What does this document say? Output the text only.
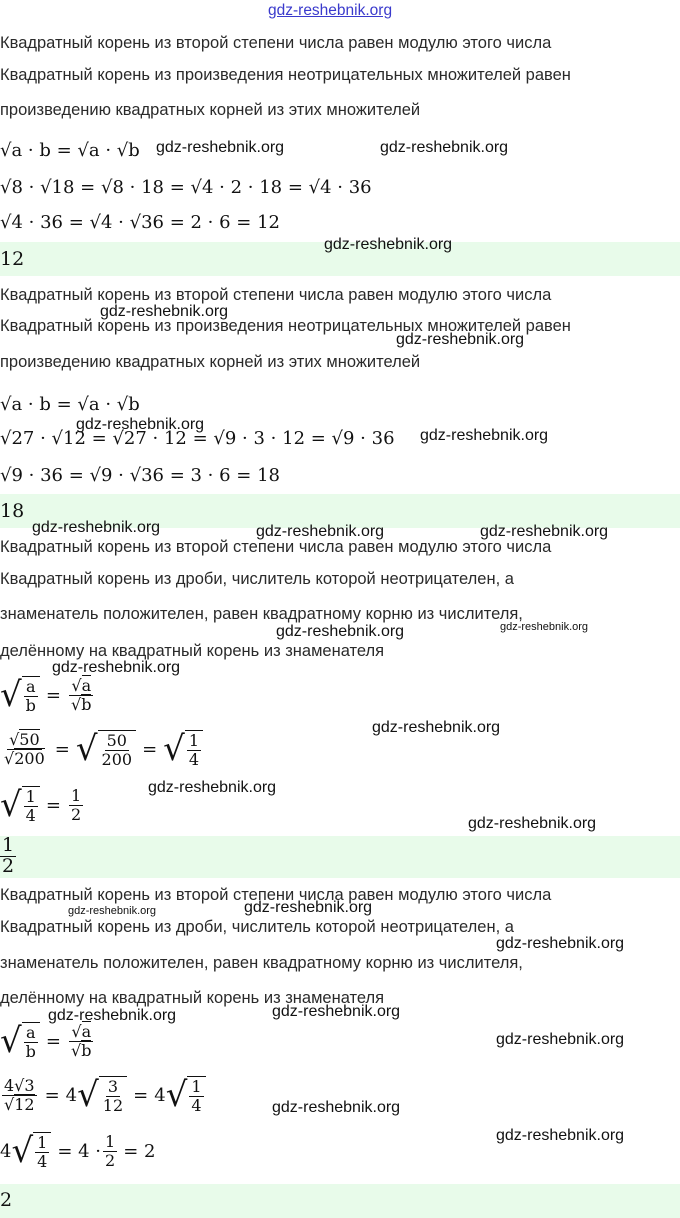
gdz-reshebnik.org
Квадратный корень из второй степени числа равен модулю этого числа
Квадратный корень из произведения неотрицательных множителей равен
произведению квадратных корней из этих множителей
√a · b = √a · √b
√8 · √18 = √8 · 18 = √4 · 2 · 18 = √4 · 36
√4 · 36 = √4 · √36 = 2 · 6 = 12
12
Квадратный корень из второй степени числа равен модулю этого числа
Квадратный корень из произведения неотрицательных множителей равен
произведению квадратных корней из этих множителей
√a · b = √a · √b
√27 · √12 = √27 · 12 = √9 · 3 · 12 = √9 · 36
√9 · 36 = √9 · √36 = 3 · 6 = 18
18
Квадратный корень из второй степени числа равен модулю этого числа
Квадратный корень из дроби, числитель которой неотрицателен, а
знаменатель положителен, равен квадратному корню из числителя,
делённому на квадратный корень из знаменателя
√ $\frac{a}{b} = \frac{√a}{√b}$
$\frac{√50}{√200}$ = √ $\frac{50}{200}$ = √ $\frac{1}{4}$
√ $\frac{1}{4} = \frac{1}{2}$
1
2
Квадратный корень из второй степени числа равен модулю этого числа
Квадратный корень из дроби, числитель которой неотрицателен, а
знаменатель положителен, равен квадратному корню из числителя,
делённому на квадратный корень из знаменателя
√ $\frac{a}{b} = \frac{√a}{√b}$
$\frac{4√3}{√12} = 4$ √ $\frac{3}{12} = 4$ √ $\frac{1}{4}$
4 √ $\frac{1}{4} = 4 \cdot \frac{1}{2} = 2$
2
gdz-reshebnik.org	gdz-reshebnik.org
gdz-reshebnik.org
gdz-reshebnik.org
gdz-reshebnik.org
gdz-reshebnik.org
gdz-reshebnik.org
gdz-reshebnik.org	gdz-reshebnik.org	gdz-reshebnik.org
gdz-reshebnik.org	gdz-reshebnik.org
gdz-reshebnik.org
gdz-reshebnik.org
gdz-reshebnik.org
gdz-reshebnik.org
gdz-reshebnik.org	gdz-reshebnik.org
gdz-reshebnik.org
gdz-reshebnik.org	gdz-reshebnik.org
gdz-reshebnik.org
gdz-reshebnik.org
gdz-reshebnik.org
